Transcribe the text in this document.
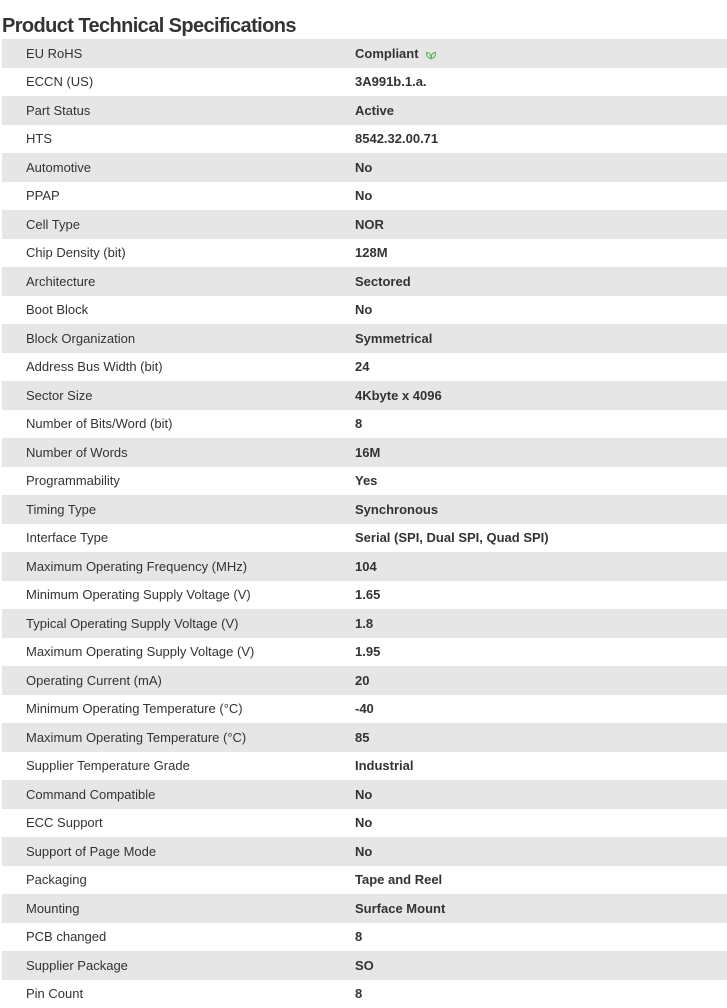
Product Technical Specifications
EU RoHS	Compliant
ECCN (US)	3A991b.1.a.
Part Status	Active
HTS	8542.32.00.71
Automotive	No
PPAP	No
Cell Type	NOR
Chip Density (bit)	128M
Architecture	Sectored
Boot Block	No
Block Organization	Symmetrical
Address Bus Width (bit)	24
Sector Size	4Kbyte x 4096
Number of Bits/Word (bit)	8
Number of Words	16M
Programmability	Yes
Timing Type	Synchronous
Interface Type	Serial (SPI, Dual SPI, Quad SPI)
Maximum Operating Frequency (MHz)	104
Minimum Operating Supply Voltage (V)	1.65
Typical Operating Supply Voltage (V)	1.8
Maximum Operating Supply Voltage (V)	1.95
Operating Current (mA)	20
Minimum Operating Temperature (°C)	-40
Maximum Operating Temperature (°C)	85
Supplier Temperature Grade	Industrial
Command Compatible	No
ECC Support	No
Support of Page Mode	No
Packaging	Tape and Reel
Mounting	Surface Mount
PCB changed	8
Supplier Package	SO
Pin Count	8
